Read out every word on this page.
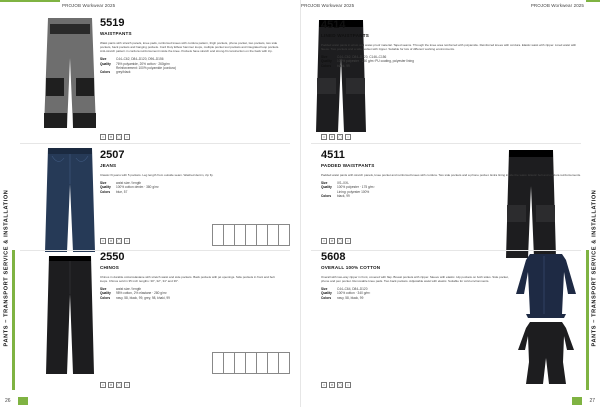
PROJOB Workwear 2025
5519
WAISTPANTS
Waist pants with stretch panels, knee pads, reinforced knees with cordura pattern, thigh pockets, phone pocket, two pockets, two side pockets, back pockets and hanging pockets. Cord Duty Elbow hammer loops, multiple pocket tool pockets and integrated loop pockets. Anti-stretch pattern in cordura reinforcement inside the knee. Pockets have stretch and strong-fit construction on the back with zip.
Size	C44–C62, D84–D120, D96–D156
Quality	76% polyamide, 20% cotton · 260g/m²
Reinforcement: 100% polyamide (cordura)
Colors	grey/black
≈	✕	▢	○
2507
JEANS
Classic fit jeans with 5 pockets. Leg length from outside seam. Washed denim, zip fly.
Size	waist size / length
Quality	100% cotton denim · 380 g/m²
Colors	blue, 57
≈	✕	▢	○
2550
CHINOS
Chinos in durable cotton/elastane with stretch waist and side pockets. Back pockets with jet openings. Side pockets in front and belt loops. Chinos sold in 35 inch lengths: 30", 32", 34" and 36".
Size	waist size / length
Quality	98% cotton, 2% elastane · 280 g/m²
Colors	navy, 58, black, 99, grey, 98, khaki, 99
≈	✕	▢	○
PANTS – TRANSPORT SERVICE & INSTALLATION
26
PROJOB Workwear 2025	PROJOB Workwear 2025
4514
LINED WAISTPANTS
Padded waist pants in wind- and water-proof material. Taped seams. Through the knee area reinforced with polyamide. Reinforced knees with cordura. Elastic waist with zipper. Lined waist with fleece. Two pockets and a side pocket with zipper. Suitable for lots of different working environments.
Size	C44–C62, D84–D120, C146–C156
Quality	100% polyester · 250 g/m² PU coating, polyester lining
Colors	black, 99
≈	✕	▢	○
4511
PADDED WAISTPANTS
Padded waist pants with stretch panels, knee pocket and reinforced knees with cordura. Two side pockets and a phone pocket. Extra lining inside the waist. Elastic belt and cordura reinforcements.
Size	XS–XXL
Quality	100% polyester · 175 g/m²
Lining: polyester 100%
Colors	black, 99
≈	✕	▢	○
5608
OVERALL 100% COTTON
Overall with two-way zipper in front, covered with flap. Breast pockets with zipper. Sleeve with elastic. Hip pockets on both sides. Side pocket, phone and pen pocket. Removable knee pads. Two back pockets. Adjustable waist with elastic. Suitable for cold environments.
Size	C44–C64, D84–D120
Quality	100% cotton · 340 g/m²
Colors	navy, 58, black, 99
≈	✕	▢	○
PANTS – TRANSPORT SERVICE & INSTALLATION
27
